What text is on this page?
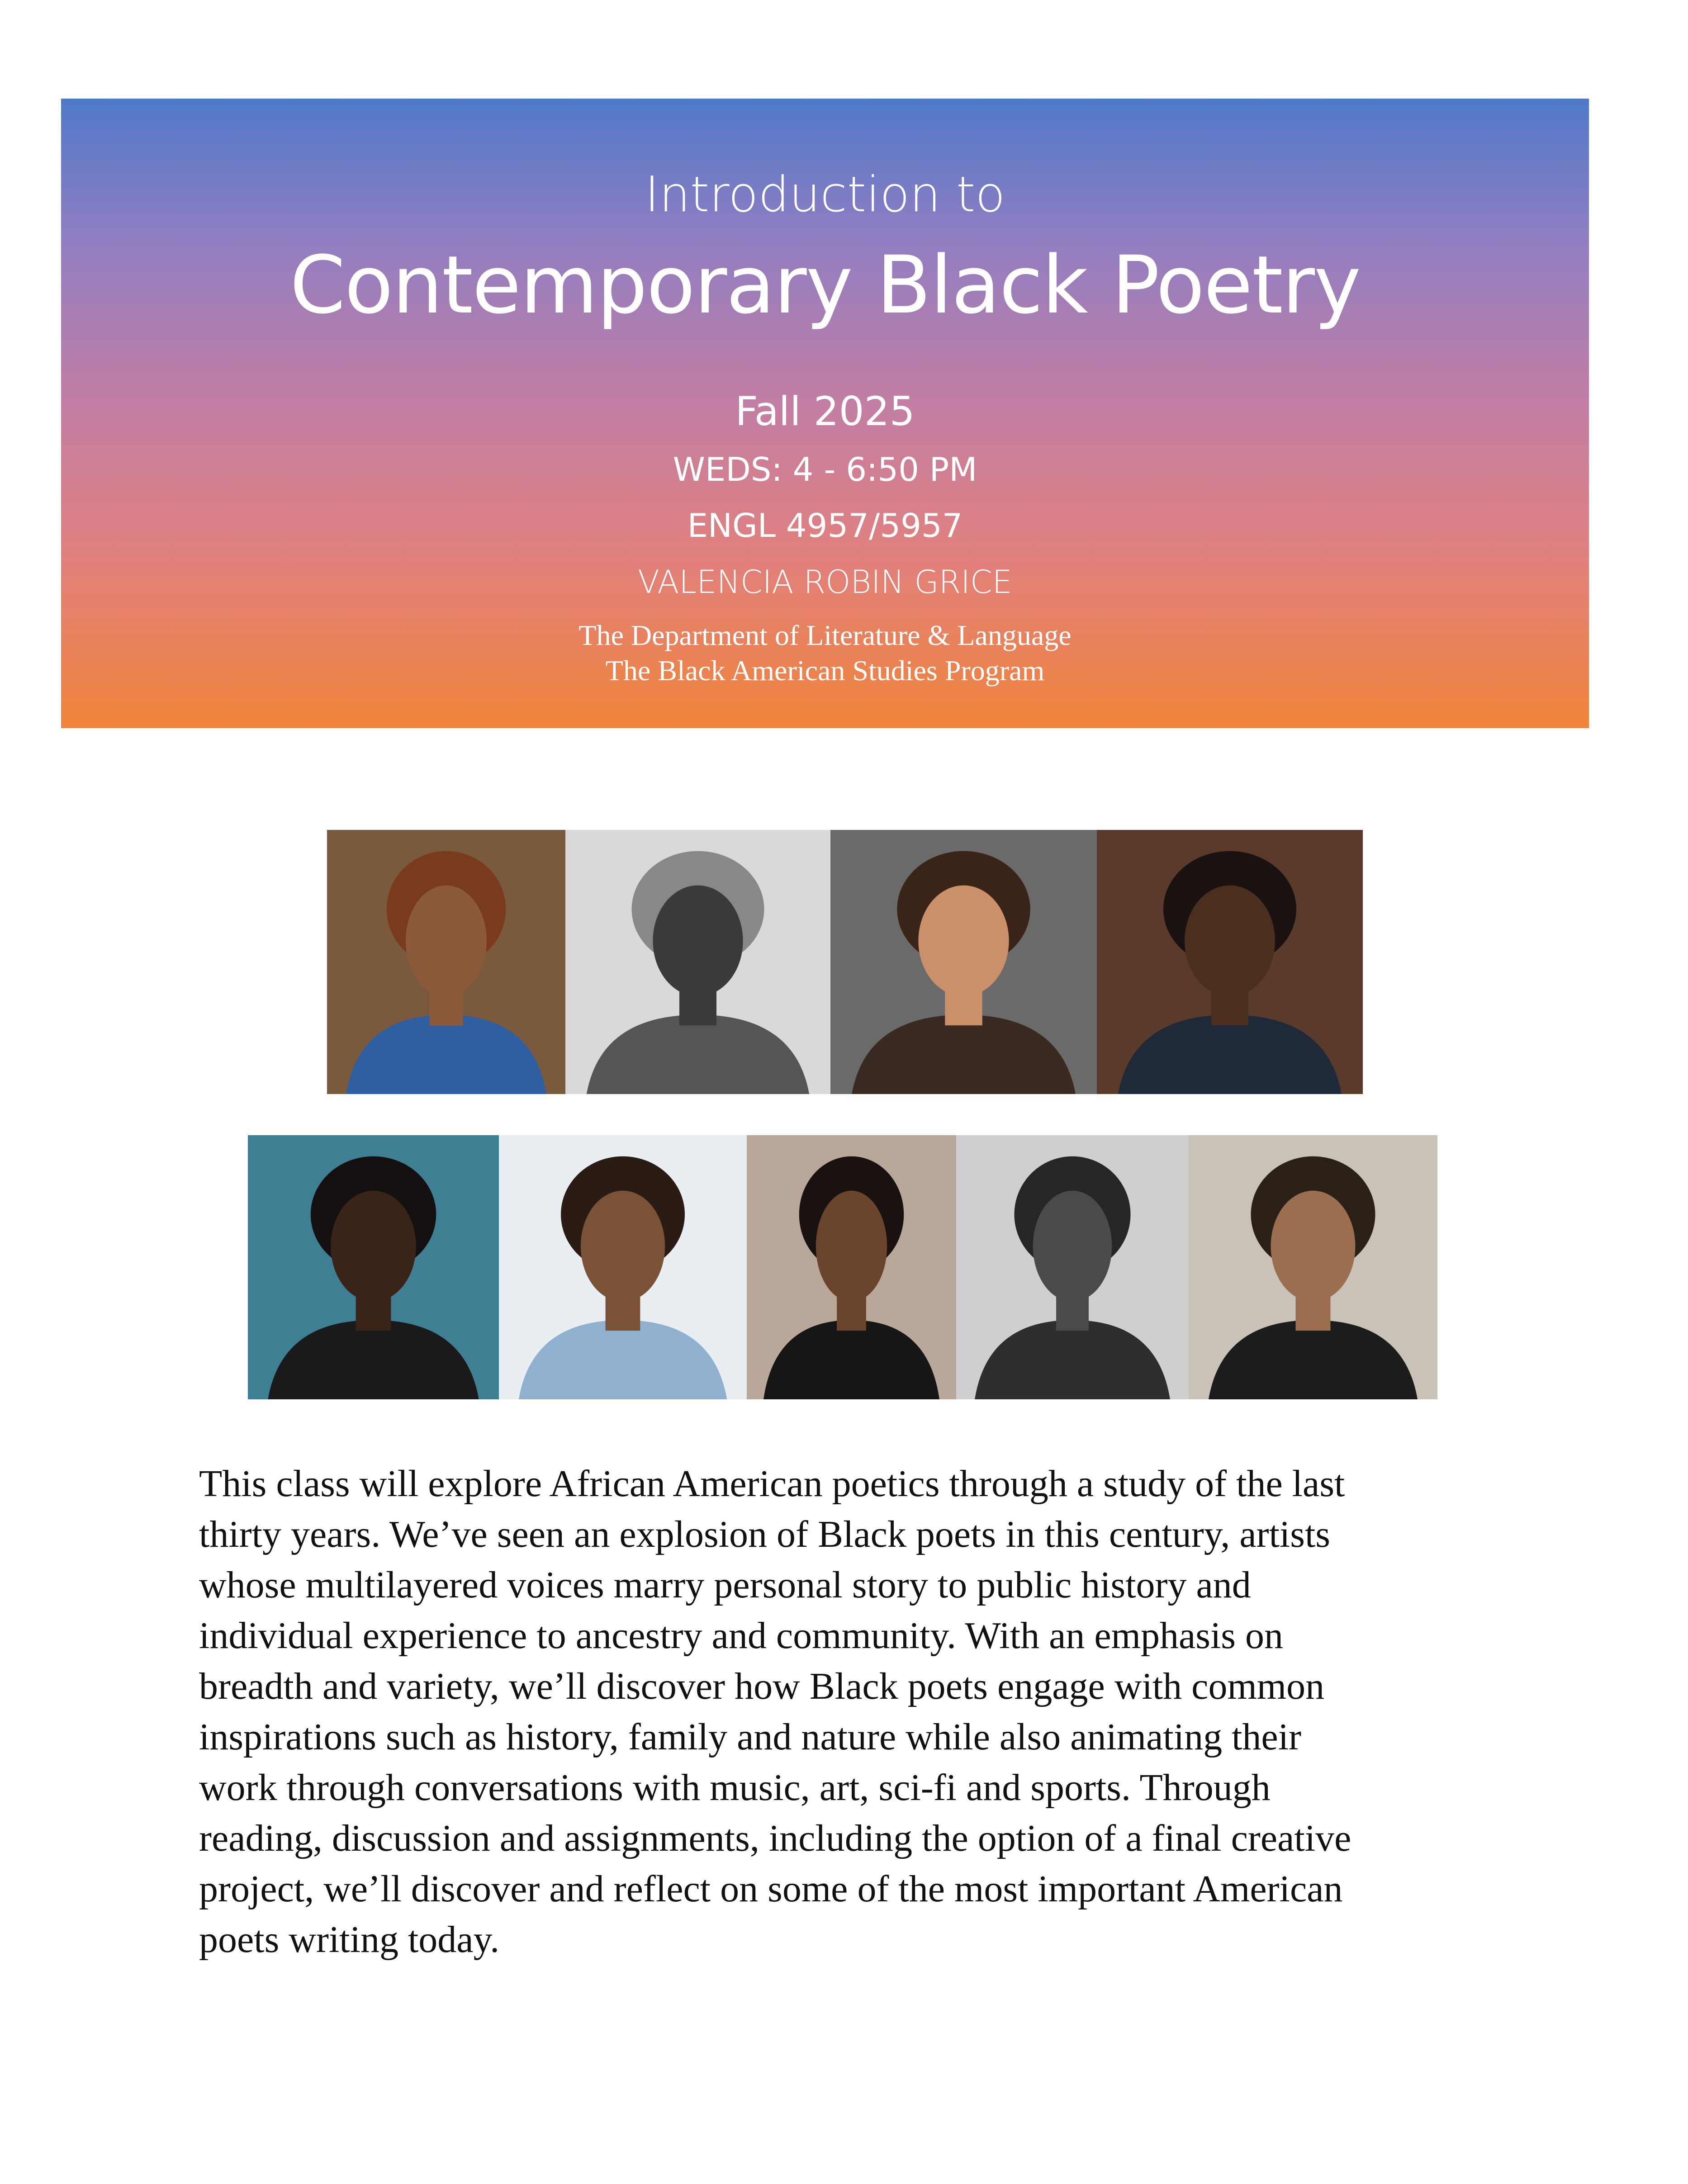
Introduction to
Contemporary Black Poetry
Fall 2025
WEDS: 4 - 6:50 PM
ENGL 4957/5957
VALENCIA ROBIN GRICE
The Department of Literature & Language
The Black American Studies Program

This class will explore African American poetics through a study of the last
thirty years. We’ve seen an explosion of Black poets in this century, artists
whose multilayered voices marry personal story to public history and
individual experience to ancestry and community. With an emphasis on
breadth and variety, we’ll discover how Black poets engage with common
inspirations such as history, family and nature while also animating their
work through conversations with music, art, sci-fi and sports. Through
reading, discussion and assignments, including the option of a final creative
project, we’ll discover and reflect on some of the most important American
poets writing today.
